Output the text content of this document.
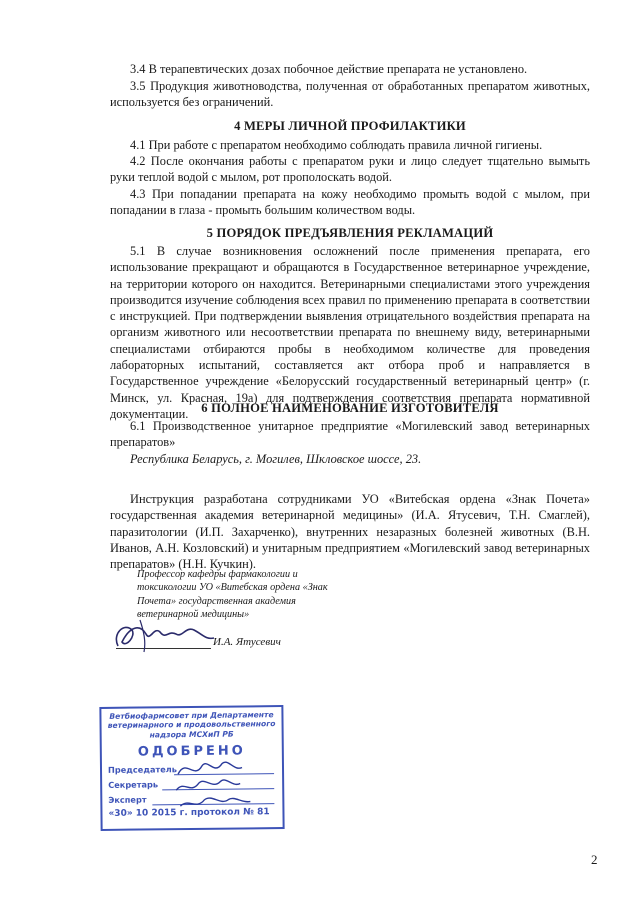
3.4 В терапевтических дозах побочное действие препарата не установлено.

3.5 Продукция животноводства, полученная от обработанных препаратом животных, используется без ограничений.

4 МЕРЫ ЛИЧНОЙ ПРОФИЛАКТИКИ

4.1 При работе с препаратом необходимо соблюдать правила личной гигиены.

4.2 После окончания работы с препаратом руки и лицо следует тщательно вымыть руки теплой водой с мылом, рот прополоскать водой.

4.3 При попадании препарата на кожу необходимо промыть водой с мылом, при попадании в глаза - промыть большим количеством воды.

5 ПОРЯДОК ПРЕДЪЯВЛЕНИЯ РЕКЛАМАЦИЙ

5.1 В случае возникновения осложнений после применения препарата, его использование прекращают и обращаются в Государственное ветеринарное учреждение, на территории которого он находится. Ветеринарными специалистами этого учреждения производится изучение соблюдения всех правил по применению препарата в соответствии с инструкцией. При подтверждении выявления отрицательного воздействия препарата на организм животного или несоответствии препарата по внешнему виду, ветеринарными специалистами отбираются пробы в необходимом количестве для проведения лабораторных испытаний, составляется акт отбора проб и направляется в Государственное учреждение «Белорусский государственный ветеринарный центр» (г. Минск, ул. Красная, 19а) для подтверждения соответствия препарата нормативной документации.	6 ПОЛНОЕ НАИМЕНОВАНИЕ ИЗГОТОВИТЕЛЯ

6.1 Производственное унитарное предприятие «Могилевский завод ветеринарных препаратов»

Республика Беларусь, г. Могилев, Шкловское шоссе, 23.

Инструкция разработана сотрудниками УО «Витебская ордена «Знак Почета» государственная академия ветеринарной медицины» (И.А. Ятусевич, Т.Н. Смаглей), паразитологии (И.П. Захарченко), внутренних незаразных болезней животных (В.Н. Иванов, А.Н. Козловский) и унитарным предприятием «Могилевский завод ветеринарных препаратов» (Н.Н. Кучкин).

Профессор кафедры фармакологии и токсикологии УО «Витебская ордена «Знак Почета» государственная академия ветеринарной медицины»
И.А. Ятусевич
Ветбиофармсовет при Департаменте ветеринарного и продовольственного надзора МСХиП РБ
ОДОБРЕНО
Председатель
Секретарь
Эксперт
«30» 10 2015 г. протокол № 81
2
